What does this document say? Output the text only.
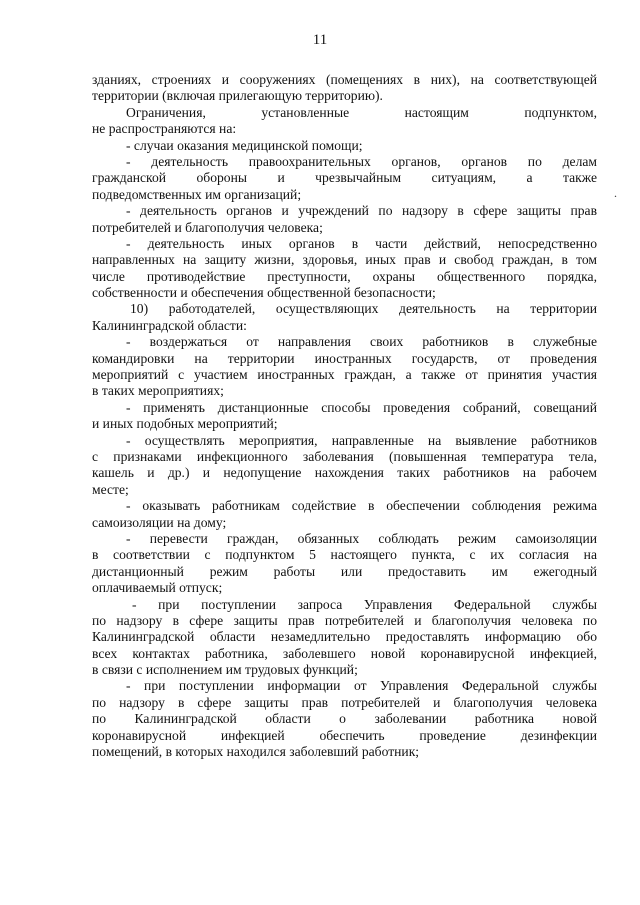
11
.
зданиях, строениях и сооружениях (помещениях в них), на соответствующей
территории (включая прилегающую территорию).
Ограничения, установленные настоящим подпунктом,
не распространяются на:
- случаи оказания медицинской помощи;
- деятельность правоохранительных органов, органов по делам
гражданской обороны и чрезвычайным ситуациям, а также
подведомственных им организаций;
- деятельность органов и учреждений по надзору в сфере защиты прав
потребителей и благополучия человека;
- деятельность иных органов в части действий, непосредственно
направленных на защиту жизни, здоровья, иных прав и свобод граждан, в том
числе противодействие преступности, охраны общественного порядка,
собственности и обеспечения общественной безопасности;
10) работодателей, осуществляющих деятельность на территории
Калининградской области:
- воздержаться от направления своих работников в служебные
командировки на территории иностранных государств, от проведения
мероприятий с участием иностранных граждан, а также от принятия участия
в таких мероприятиях;
- применять дистанционные способы проведения собраний, совещаний
и иных подобных мероприятий;
- осуществлять мероприятия, направленные на выявление работников
с признаками инфекционного заболевания (повышенная температура тела,
кашель и др.) и недопущение нахождения таких работников на рабочем
месте;
- оказывать работникам содействие в обеспечении соблюдения режима
самоизоляции на дому;
- перевести граждан, обязанных соблюдать режим самоизоляции
в соответствии с подпунктом 5 настоящего пункта, с их согласия на
дистанционный режим работы или предоставить им ежегодный
оплачиваемый отпуск;
- при поступлении запроса Управления Федеральной службы
по надзору в сфере защиты прав потребителей и благополучия человека по
Калининградской области незамедлительно предоставлять информацию обо
всех контактах работника, заболевшего новой коронавирусной инфекцией,
в связи с исполнением им трудовых функций;
- при поступлении информации от Управления Федеральной службы
по надзору в сфере защиты прав потребителей и благополучия человека
по Калининградской области о заболевании работника новой
коронавирусной инфекцией обеспечить проведение дезинфекции
помещений, в которых находился заболевший работник;
